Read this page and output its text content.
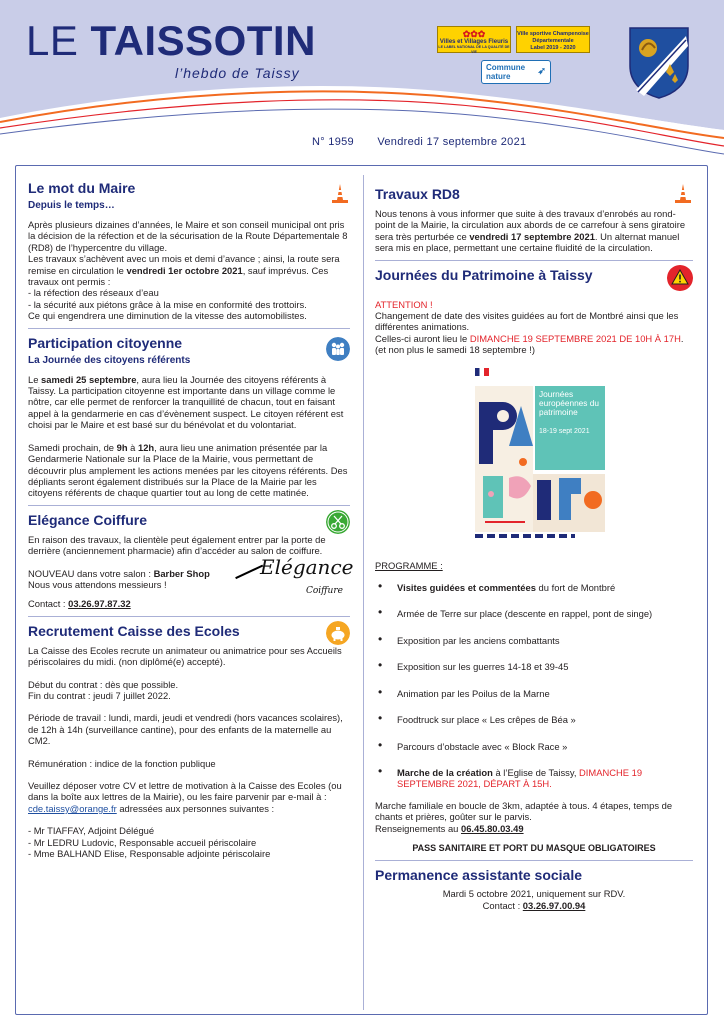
LE TAISSOTIN
l’hebdo de Taissy
✿✿✿
Villes et Villages Fleuris
LE LABEL NATIONAL DE LA QUALITÉ DE VIE
Ville sportive Champenoise Départementale
Label 2019 - 2020
Commune nature	➶
N° 1959 Vendredi 17 septembre 2021
Le mot du Maire
Depuis le temps…

Après plusieurs dizaines d’années, le Maire et son conseil municipal ont pris la décision de la réfection et de la sécurisation de la Route Départementale 8 (RD8) de l’hypercentre du village.

Les travaux s’achèvent avec un mois et demi d’avance ; ainsi, la route sera remise en circulation le vendredi 1er octobre 2021, sauf imprévus. Ces travaux ont permis :

- la réfection des réseaux d’eau

- la sécurité aux piétons grâce à la mise en conformité des trottoirs.

Ce qui engendrera une diminution de la vitesse des automobilistes.

Participation citoyenne
La Journée des citoyens référents

Le samedi 25 septembre, aura lieu la Journée des citoyens référents à Taissy. La participation citoyenne est importante dans un village comme le nôtre, car elle permet de renforcer la tranquillité de chacun, tout en faisant appel à la gendarmerie en cas d’évènement suspect. Le citoyen référent est choisi par le Maire et est basé sur du bénévolat et du volontariat.

Samedi prochain, de 9h à 12h, aura lieu une animation présentée par la Gendarmerie Nationale sur la Place de la Mairie, vous permettant de découvrir plus amplement les actions menées par les citoyens référents. Des dépliants seront également distribués sur la Place de la Mairie par les citoyens référents de chaque quartier tout au long de cette matinée.

Elégance Coiffure

En raison des travaux, la clientèle peut également entrer par la porte de derrière (anciennement pharmacie) afin d’accéder au salon de coiffure.

NOUVEAU dans votre salon : Barber Shop

Nous vous attendons messieurs !

Contact : 03.26.97.87.32

Elégance
Coiffure
Recrutement Caisse des Ecoles

La Caisse des Ecoles recrute un animateur ou animatrice pour ses Accueils périscolaires du midi. (non diplômé(e) accepté).

Début du contrat : dès que possible.

Fin du contrat : jeudi 7 juillet 2022.

Période de travail : lundi, mardi, jeudi et vendredi (hors vacances scolaires), de 12h à 14h (surveillance cantine), pour des enfants de la maternelle au CM2.

Rémunération : indice de la fonction publique

Veuillez déposer votre CV et lettre de motivation à la Caisse des Ecoles (ou dans la boîte aux lettres de la Mairie), ou les faire parvenir par e-mail à : cde.taissy@orange.fr adressées aux personnes suivantes :

- Mr TIAFFAY, Adjoint Délégué

- Mr LEDRU Ludovic, Responsable accueil périscolaire

- Mme BALHAND Elise, Responsable adjointe périscolaire

Travaux RD8

Nous tenons à vous informer que suite à des travaux d’enrobés au rond-point de la Mairie, la circulation aux abords de ce carrefour à sens giratoire sera très perturbée ce vendredi 17 septembre 2021. Un alternat manuel sera mis en place, permettant une certaine fluidité de la circulation.

Journées du Patrimoine à Taissy

ATTENTION !

Changement de date des visites guidées au fort de Montbré ainsi que les différentes animations.

Celles-ci auront lieu le DIMANCHE 19 SEPTEMBRE 2021 DE 10H À 17H. (et non plus le samedi 18 septembre !)

Journées européennes du patrimoine
18-19 sept 2021

PROGRAMME :

• Visites guidées et commentées du fort de Montbré
• Armée de Terre sur place (descente en rappel, pont de singe)
• Exposition par les anciens combattants
• Exposition sur les guerres 14-18 et 39-45
• Animation par les Poilus de la Marne
• Foodtruck sur place « Les crêpes de Béa »
• Parcours d’obstacle avec « Block Race »
• Marche de la création à l’Eglise de Taissy, DIMANCHE 19 SEPTEMBRE 2021, DÉPART À 15H.

Marche familiale en boucle de 3km, adaptée à tous. 4 étapes, temps de chants et prières, goûter sur le parvis.

Renseignements au 06.45.80.03.49

PASS SANITAIRE ET PORT DU MASQUE OBLIGATOIRES

Permanence assistante sociale

Mardi 5 octobre 2021, uniquement sur RDV.

Contact : 03.26.97.00.94
